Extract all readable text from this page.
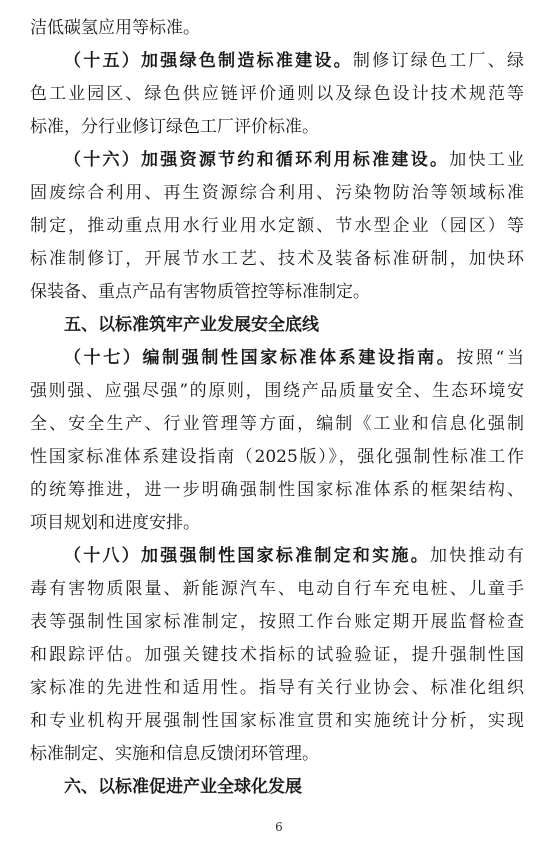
洁低碳氢应用等标准。
（十五）加强绿色制造标准建设。制修订绿色工厂、绿
色工业园区、绿色供应链评价通则以及绿色设计技术规范等
标准，分行业修订绿色工厂评价标准。
（十六）加强资源节约和循环利用标准建设。加快工业
固废综合利用、再生资源综合利用、污染物防治等领域标准
制定，推动重点用水行业用水定额、节水型企业（园区）等
标准制修订，开展节水工艺、技术及装备标准研制，加快环
保装备、重点产品有害物质管控等标准制定。
五、以标准筑牢产业发展安全底线
（十七）编制强制性国家标准体系建设指南。按照“当
强则强、应强尽强”的原则，围绕产品质量安全、生态环境安
全、安全生产、行业管理等方面，编制《工业和信息化强制
性国家标准体系建设指南（2025版）》，强化强制性标准工作
的统筹推进，进一步明确强制性国家标准体系的框架结构、
项目规划和进度安排。
（十八）加强强制性国家标准制定和实施。加快推动有
毒有害物质限量、新能源汽车、电动自行车充电桩、儿童手
表等强制性国家标准制定，按照工作台账定期开展监督检查
和跟踪评估。加强关键技术指标的试验验证，提升强制性国
家标准的先进性和适用性。指导有关行业协会、标准化组织
和专业机构开展强制性国家标准宣贯和实施统计分析，实现
标准制定、实施和信息反馈闭环管理。
六、以标准促进产业全球化发展
6
